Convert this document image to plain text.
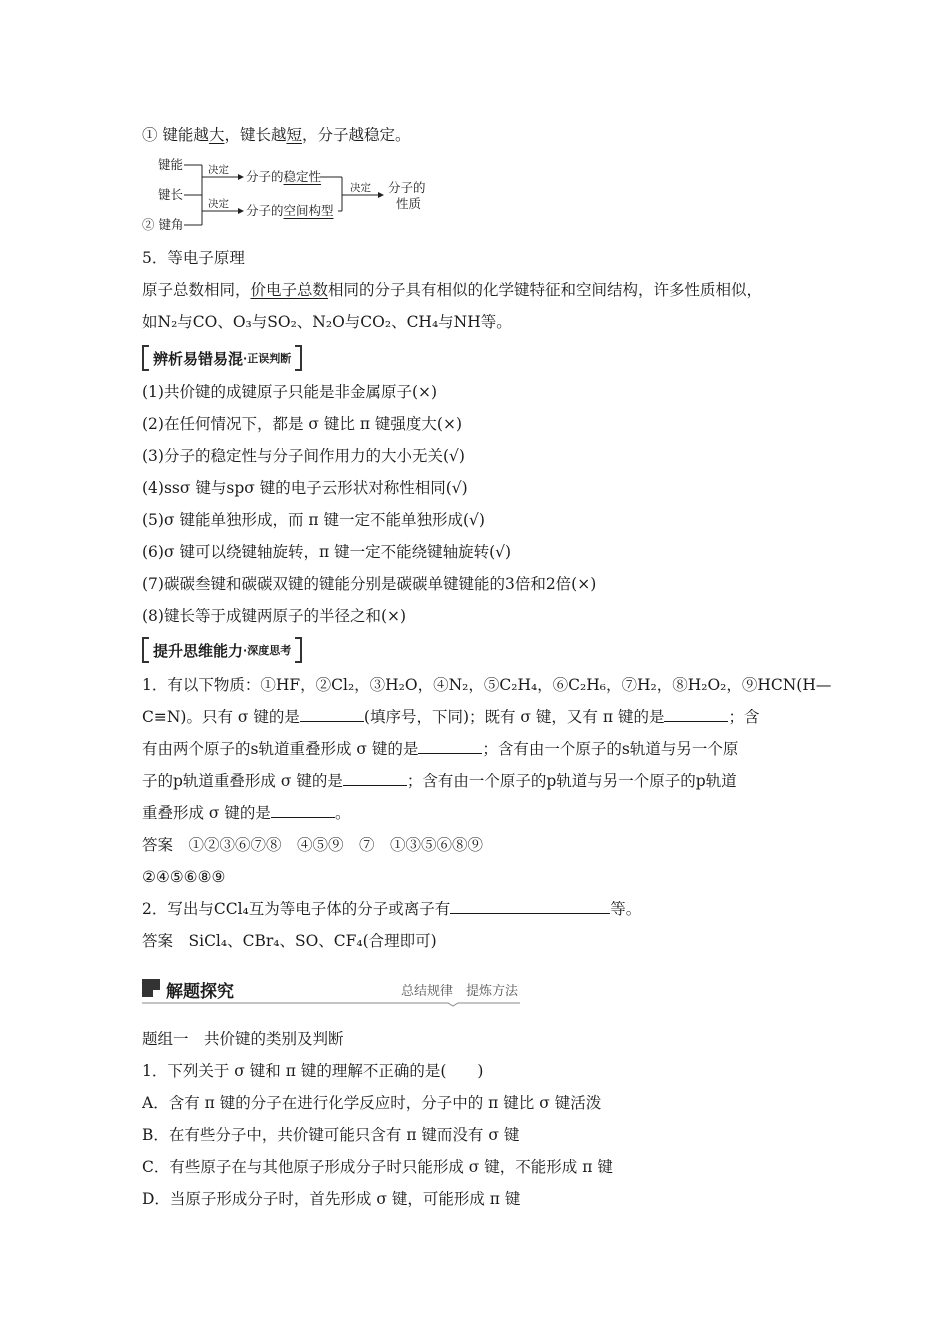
① 键能越大，键长越短，分子越稳定。
键能
键长
② 键角
决定
决定
分子的稳定性
分子的空间构型
决定 分子的
性质
5．等电子原理
原子总数相同，价电子总数相同的分子具有相似的化学键特征和空间结构，许多性质相似，
如N₂与CO、O₃与SO₂、N₂O与CO₂、CH₄与NH等。
辨析易错易混 ·正误判断
(1)共价键的成键原子只能是非金属原子(×)
(2)在任何情况下，都是 σ 键比 π 键强度大(×)
(3)分子的稳定性与分子间作用力的大小无关(√)
(4)ssσ 键与spσ 键的电子云形状对称性相同(√)
(5)σ 键能单独形成，而 π 键一定不能单独形成(√)
(6)σ 键可以绕键轴旋转，π 键一定不能绕键轴旋转(√)
(7)碳碳叁键和碳碳双键的键能分别是碳碳单键键能的3倍和2倍(×)
(8)键长等于成键两原子的半径之和(×)
提升思维能力 ·深度思考
1．有以下物质：①HF，②Cl₂，③H₂O，④N₂，⑤C₂H₄，⑥C₂H₆，⑦H₂，⑧H₂O₂，⑨HCN(H—
C≡N)。只有 σ 键的是	(填序号，下同)；既有 σ 键，又有 π 键的是	；含
有由两个原子的s轨道重叠形成 σ 键的是	；含有由一个原子的s轨道与另一个原
子的p轨道重叠形成 σ 键的是	；含有由一个原子的p轨道与另一个原子的p轨道
重叠形成 σ 键的是	。
答案　①②③⑥⑦⑧　④⑤⑨　⑦　①③⑤⑥⑧⑨
②④⑤⑥⑧⑨
2．写出与CCl₄互为等电子体的分子或离子有	等。
答案　SiCl₄、CBr₄、SO、CF₄(合理即可)
解题探究	总结规律　提炼方法
题组一　共价键的类别及判断
1．下列关于 σ 键和 π 键的理解不正确的是(　　)
A．含有 π 键的分子在进行化学反应时，分子中的 π 键比 σ 键活泼
B．在有些分子中，共价键可能只含有 π 键而没有 σ 键
C．有些原子在与其他原子形成分子时只能形成 σ 键，不能形成 π 键
D．当原子形成分子时，首先形成 σ 键，可能形成 π 键
